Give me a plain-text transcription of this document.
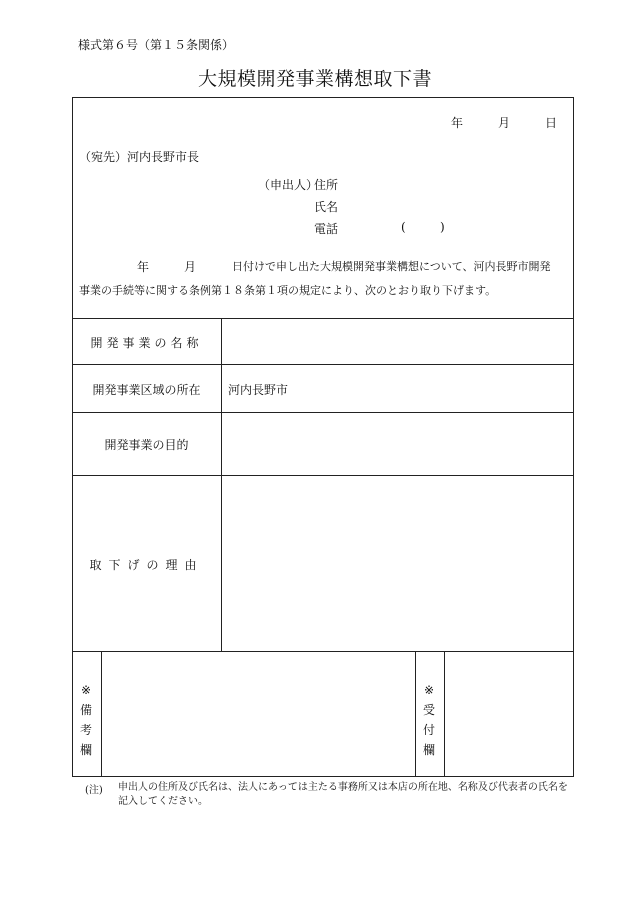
様式第６号（第１５条関係）
大規模開発事業構想取下書
年	月	日
（宛先）河内長野市長
（申出人）
住所
氏名
電話	(	)
年	月	日付けで申し出た大規模開発事業構想について、河内長野市開発
事業の手続等に関する条例第１８条第１項の規定により、次のとおり取り下げます。
開発事業の名称
開発事業区域の所在	河内長野市
開発事業の目的
取下げの理由
※
備
考
欄
※
受
付
欄
(注) 申出人の住所及び氏名は、法人にあっては主たる事務所又は本店の所在地、名称及び代表者の氏名を記入してください。
